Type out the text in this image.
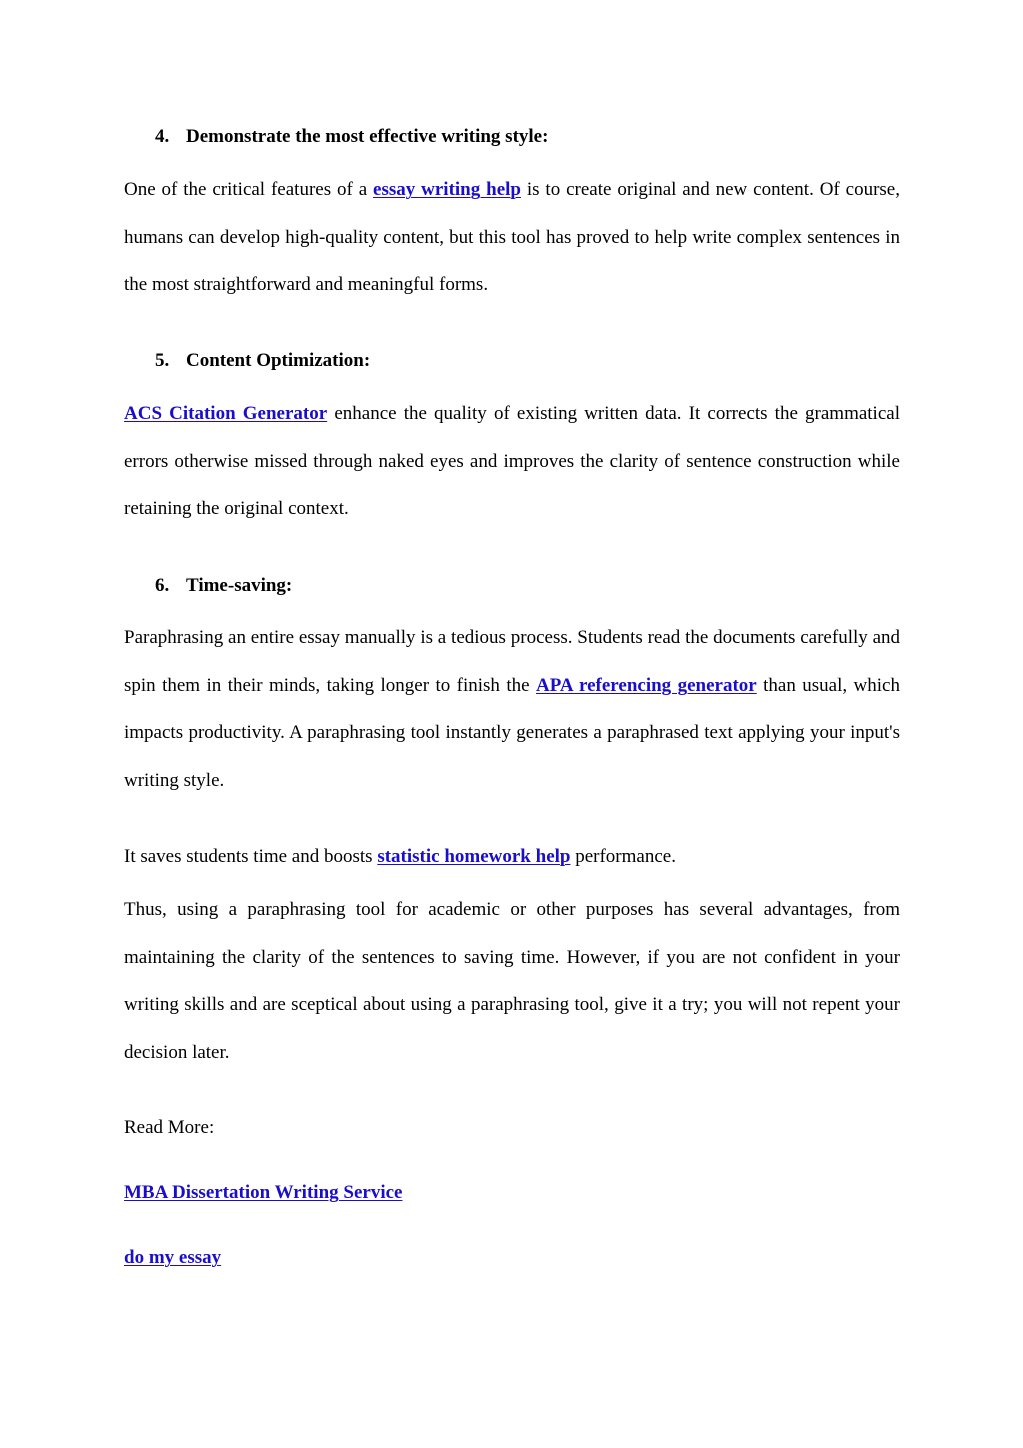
4. Demonstrate the most effective writing style:

One of the critical features of a essay writing help is to create original and new content. Of course, humans can develop high-quality content, but this tool has proved to help write complex sentences in the most straightforward and meaningful forms.

5. Content Optimization:

ACS Citation Generator enhance the quality of existing written data. It corrects the grammatical errors otherwise missed through naked eyes and improves the clarity of sentence construction while retaining the original context.

6. Time-saving:

Paraphrasing an entire essay manually is a tedious process. Students read the documents carefully and spin them in their minds, taking longer to finish the APA referencing generator than usual, which impacts productivity. A paraphrasing tool instantly generates a paraphrased text applying your input's writing style.

It saves students time and boosts statistic homework help performance.

Thus, using a paraphrasing tool for academic or other purposes has several advantages, from maintaining the clarity of the sentences to saving time. However, if you are not confident in your writing skills and are sceptical about using a paraphrasing tool, give it a try; you will not repent your decision later.

Read More:
MBA Dissertation Writing Service
do my essay
